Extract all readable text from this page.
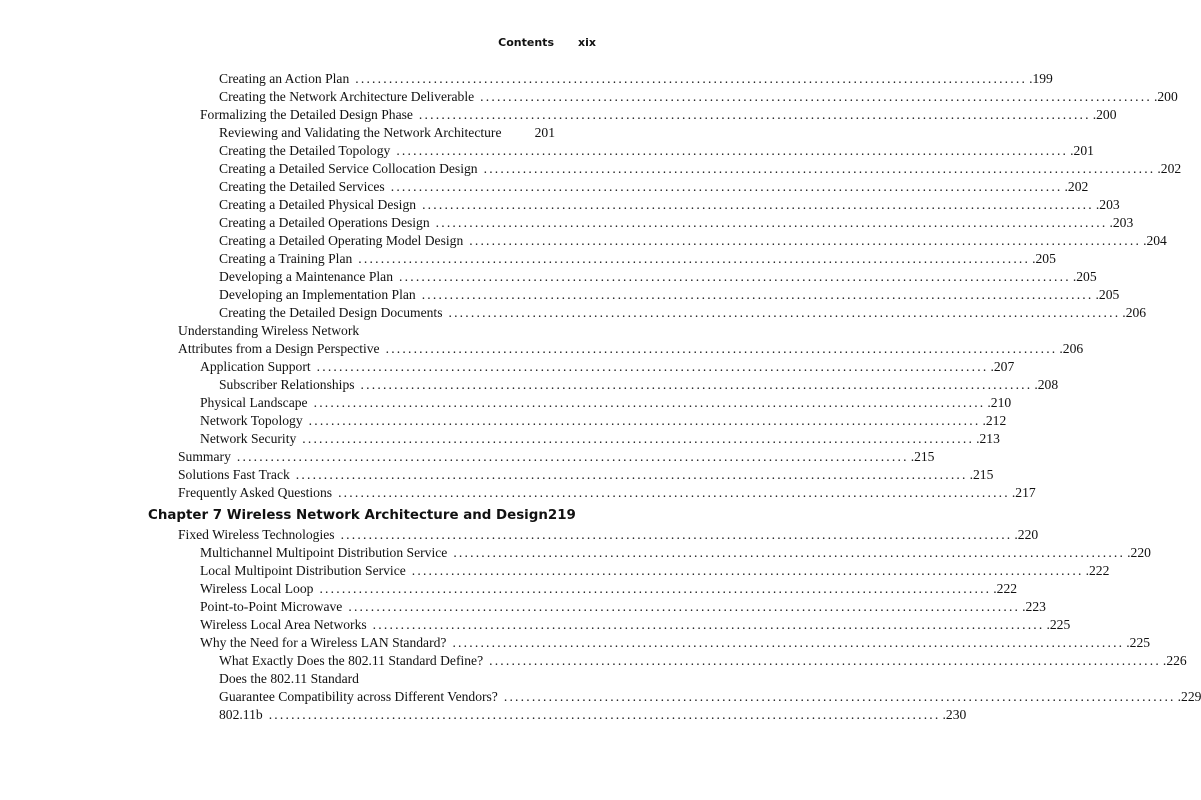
Contents xix
Creating an Action Plan ........................................................................................................................ .199
Creating the Network Architecture Deliverable ........................................................................................................................ .200
Formalizing the Detailed Design Phase ........................................................................................................................ .200
Reviewing and Validating the Network Architecture 201
Creating the Detailed Topology ........................................................................................................................ .201
Creating a Detailed Service Collocation Design ........................................................................................................................ .202
Creating the Detailed Services ........................................................................................................................ .202
Creating a Detailed Physical Design ........................................................................................................................ .203
Creating a Detailed Operations Design ........................................................................................................................ .203
Creating a Detailed Operating Model Design ........................................................................................................................ .204
Creating a Training Plan ........................................................................................................................ .205
Developing a Maintenance Plan ........................................................................................................................ .205
Developing an Implementation Plan ........................................................................................................................ .205
Creating the Detailed Design Documents ........................................................................................................................ .206
Understanding Wireless Network
Attributes from a Design Perspective ........................................................................................................................ .206
Application Support ........................................................................................................................ .207
Subscriber Relationships ........................................................................................................................ .208
Physical Landscape ........................................................................................................................ .210
Network Topology ........................................................................................................................ .212
Network Security ........................................................................................................................ .213
Summary ........................................................................................................................ .215
Solutions Fast Track ........................................................................................................................ .215
Frequently Asked Questions ........................................................................................................................ .217
Chapter 7 Wireless Network Architecture and Design 219
Fixed Wireless Technologies ........................................................................................................................ .220
Multichannel Multipoint Distribution Service ........................................................................................................................ .220
Local Multipoint Distribution Service ........................................................................................................................ .222
Wireless Local Loop ........................................................................................................................ .222
Point-to-Point Microwave ........................................................................................................................ .223
Wireless Local Area Networks ........................................................................................................................ .225
Why the Need for a Wireless LAN Standard? ........................................................................................................................ .225
What Exactly Does the 802.11 Standard Define? ........................................................................................................................ .226
Does the 802.11 Standard
Guarantee Compatibility across Different Vendors? ........................................................................................................................ .229
802.11b ........................................................................................................................ .230
